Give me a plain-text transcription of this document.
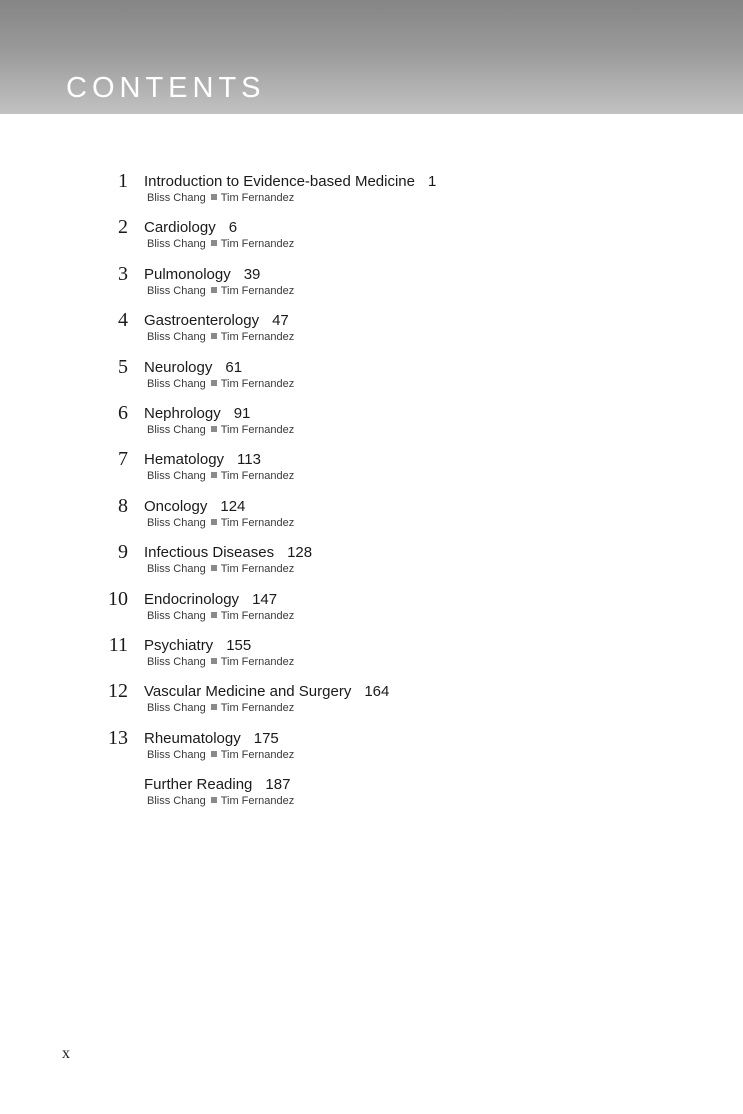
CONTENTS
1 Introduction to Evidence-based Medicine 1
Bliss Chang Tim Fernandez
2 Cardiology 6
Bliss Chang Tim Fernandez
3 Pulmonology 39
Bliss Chang Tim Fernandez
4 Gastroenterology 47
Bliss Chang Tim Fernandez
5 Neurology 61
Bliss Chang Tim Fernandez
6 Nephrology 91
Bliss Chang Tim Fernandez
7 Hematology 113
Bliss Chang Tim Fernandez
8 Oncology 124
Bliss Chang Tim Fernandez
9 Infectious Diseases 128
Bliss Chang Tim Fernandez
10 Endocrinology 147
Bliss Chang Tim Fernandez
11 Psychiatry 155
Bliss Chang Tim Fernandez
12 Vascular Medicine and Surgery 164
Bliss Chang Tim Fernandez
13 Rheumatology 175
Bliss Chang Tim Fernandez
Further Reading 187
Bliss Chang Tim Fernandez
x
